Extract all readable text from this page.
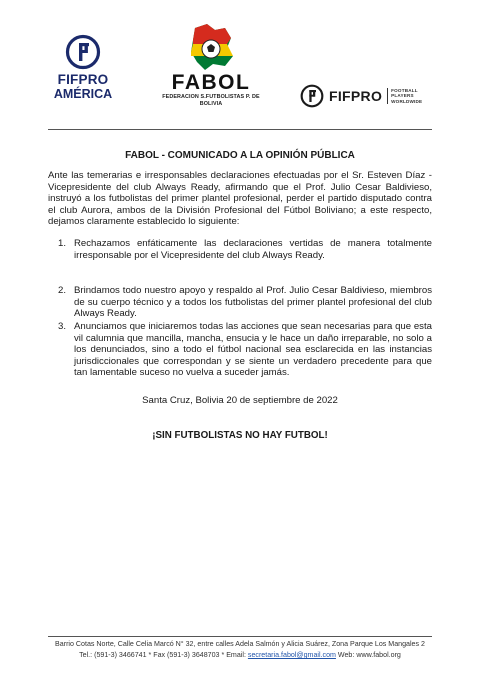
FIFPRO
AMÉRICA	FABOL
FEDERACION S.FUTBOLISTAS P. DE BOLIVIA	FIFPRO FOOTBALL
PLAYERS
WORLDWIDE
FABOL - COMUNICADO A LA OPINIÓN PÚBLICA
Ante las temerarias e irresponsables declaraciones efectuadas por el Sr. Esteven Díaz - Vicepresidente del club Always Ready, afirmando que el Prof. Julio Cesar Baldivieso, instruyó a los futbolistas del primer plantel profesional, perder el partido disputado contra el club Aurora, ambos de la División Profesional del Fútbol Boliviano; a este respecto, dejamos claramente establecido lo siguiente:
1. Rechazamos enfáticamente las declaraciones vertidas de manera totalmente irresponsable por el Vicepresidente del club Always Ready.
2. Brindamos todo nuestro apoyo y respaldo al Prof. Julio Cesar Baldivieso, miembros de su cuerpo técnico y a todos los futbolistas del primer plantel profesional del club Always Ready.
3. Anunciamos que iniciaremos todas las acciones que sean necesarias para que esta vil calumnia que mancilla, mancha, ensucia y le hace un daño irreparable, no solo a los denunciados, sino a todo el fútbol nacional sea esclarecida en las instancias jurisdiccionales que correspondan y se siente un verdadero precedente para que tan lamentable suceso no vuelva a suceder jamás.
Santa Cruz, Bolivia 20 de septiembre de 2022
¡SIN FUTBOLISTAS NO HAY FUTBOL!
Barrio Cotas Norte, Calle Celia Marcó N° 32, entre calles Adela Salmón y Alicia Suárez, Zona Parque Los Mangales 2
Tel.: (591-3) 3466741 * Fax (591-3) 3648703 * Email: secretaria.fabol@gmail.com Web: www.fabol.org
